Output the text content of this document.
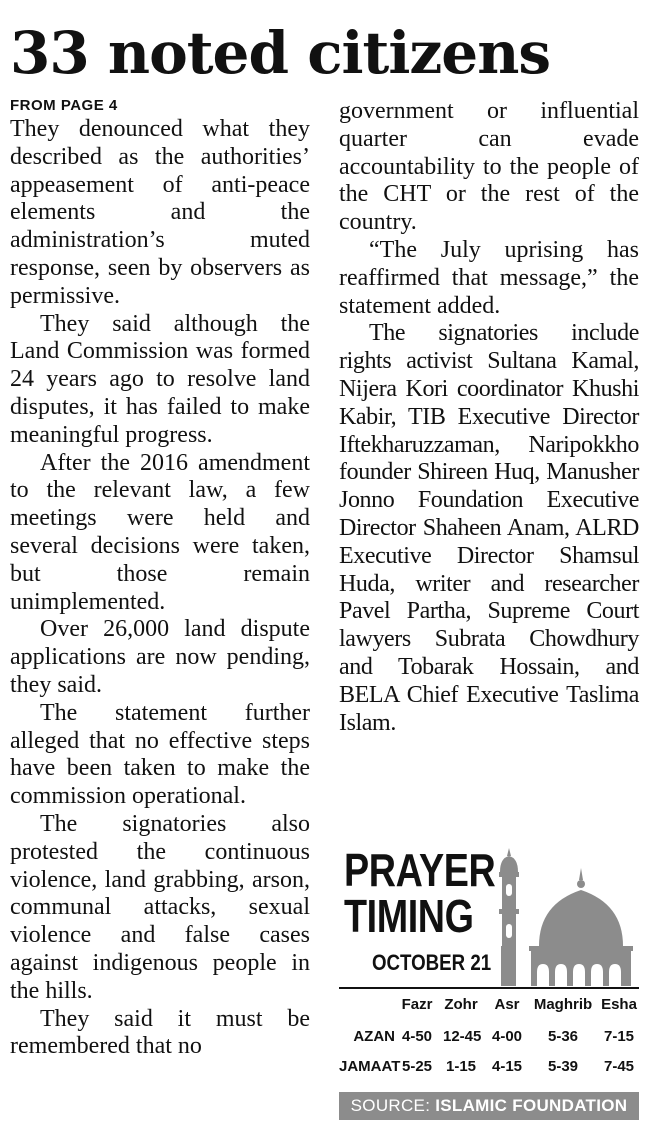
33 noted citizens
FROM PAGE 4

They denounced what they described as the authorities’ appeasement of anti-peace elements and the administration’s muted response, seen by observers as permissive.

They said although the Land Commission was formed 24 years ago to resolve land disputes, it has failed to make meaningful progress.

After the 2016 amendment to the relevant law, a few meetings were held and several decisions were taken, but those remain unimplemented.

Over 26,000 land dispute applications are now pending, they said.

The statement further alleged that no effective steps have been taken to make the commission operational.

The signatories also protested the continuous violence, land grabbing, arson, communal attacks, sexual violence and false cases against indigenous people in the hills.

They said it must be remembered that no

government or influential quarter can evade accountability to the people of the CHT or the rest of the country.

“The July uprising has reaffirmed that message,” the statement added.

The signatories include rights activist Sultana Kamal, Nijera Kori coordinator Khushi Kabir, TIB Executive Director Iftekharuzzaman, Naripokkho founder Shireen Huq, Manusher Jonno Foundation Executive Director Shaheen Anam, ALRD Executive Director Shamsul Huda, writer and researcher Pavel Partha, Supreme Court lawyers Subrata Chowdhury and Tobarak Hossain, and BELA Chief Executive Taslima Islam.

PRAYER
TIMING
OCTOBER 21
Fazr Zohr	Asr Maghrib Esha
AZAN 4-50 12-45 4-00	5-36	7-15
JAMAAT 5-25 1-15 4-15	5-39	7-45
SOURCE: ISLAMIC FOUNDATION
